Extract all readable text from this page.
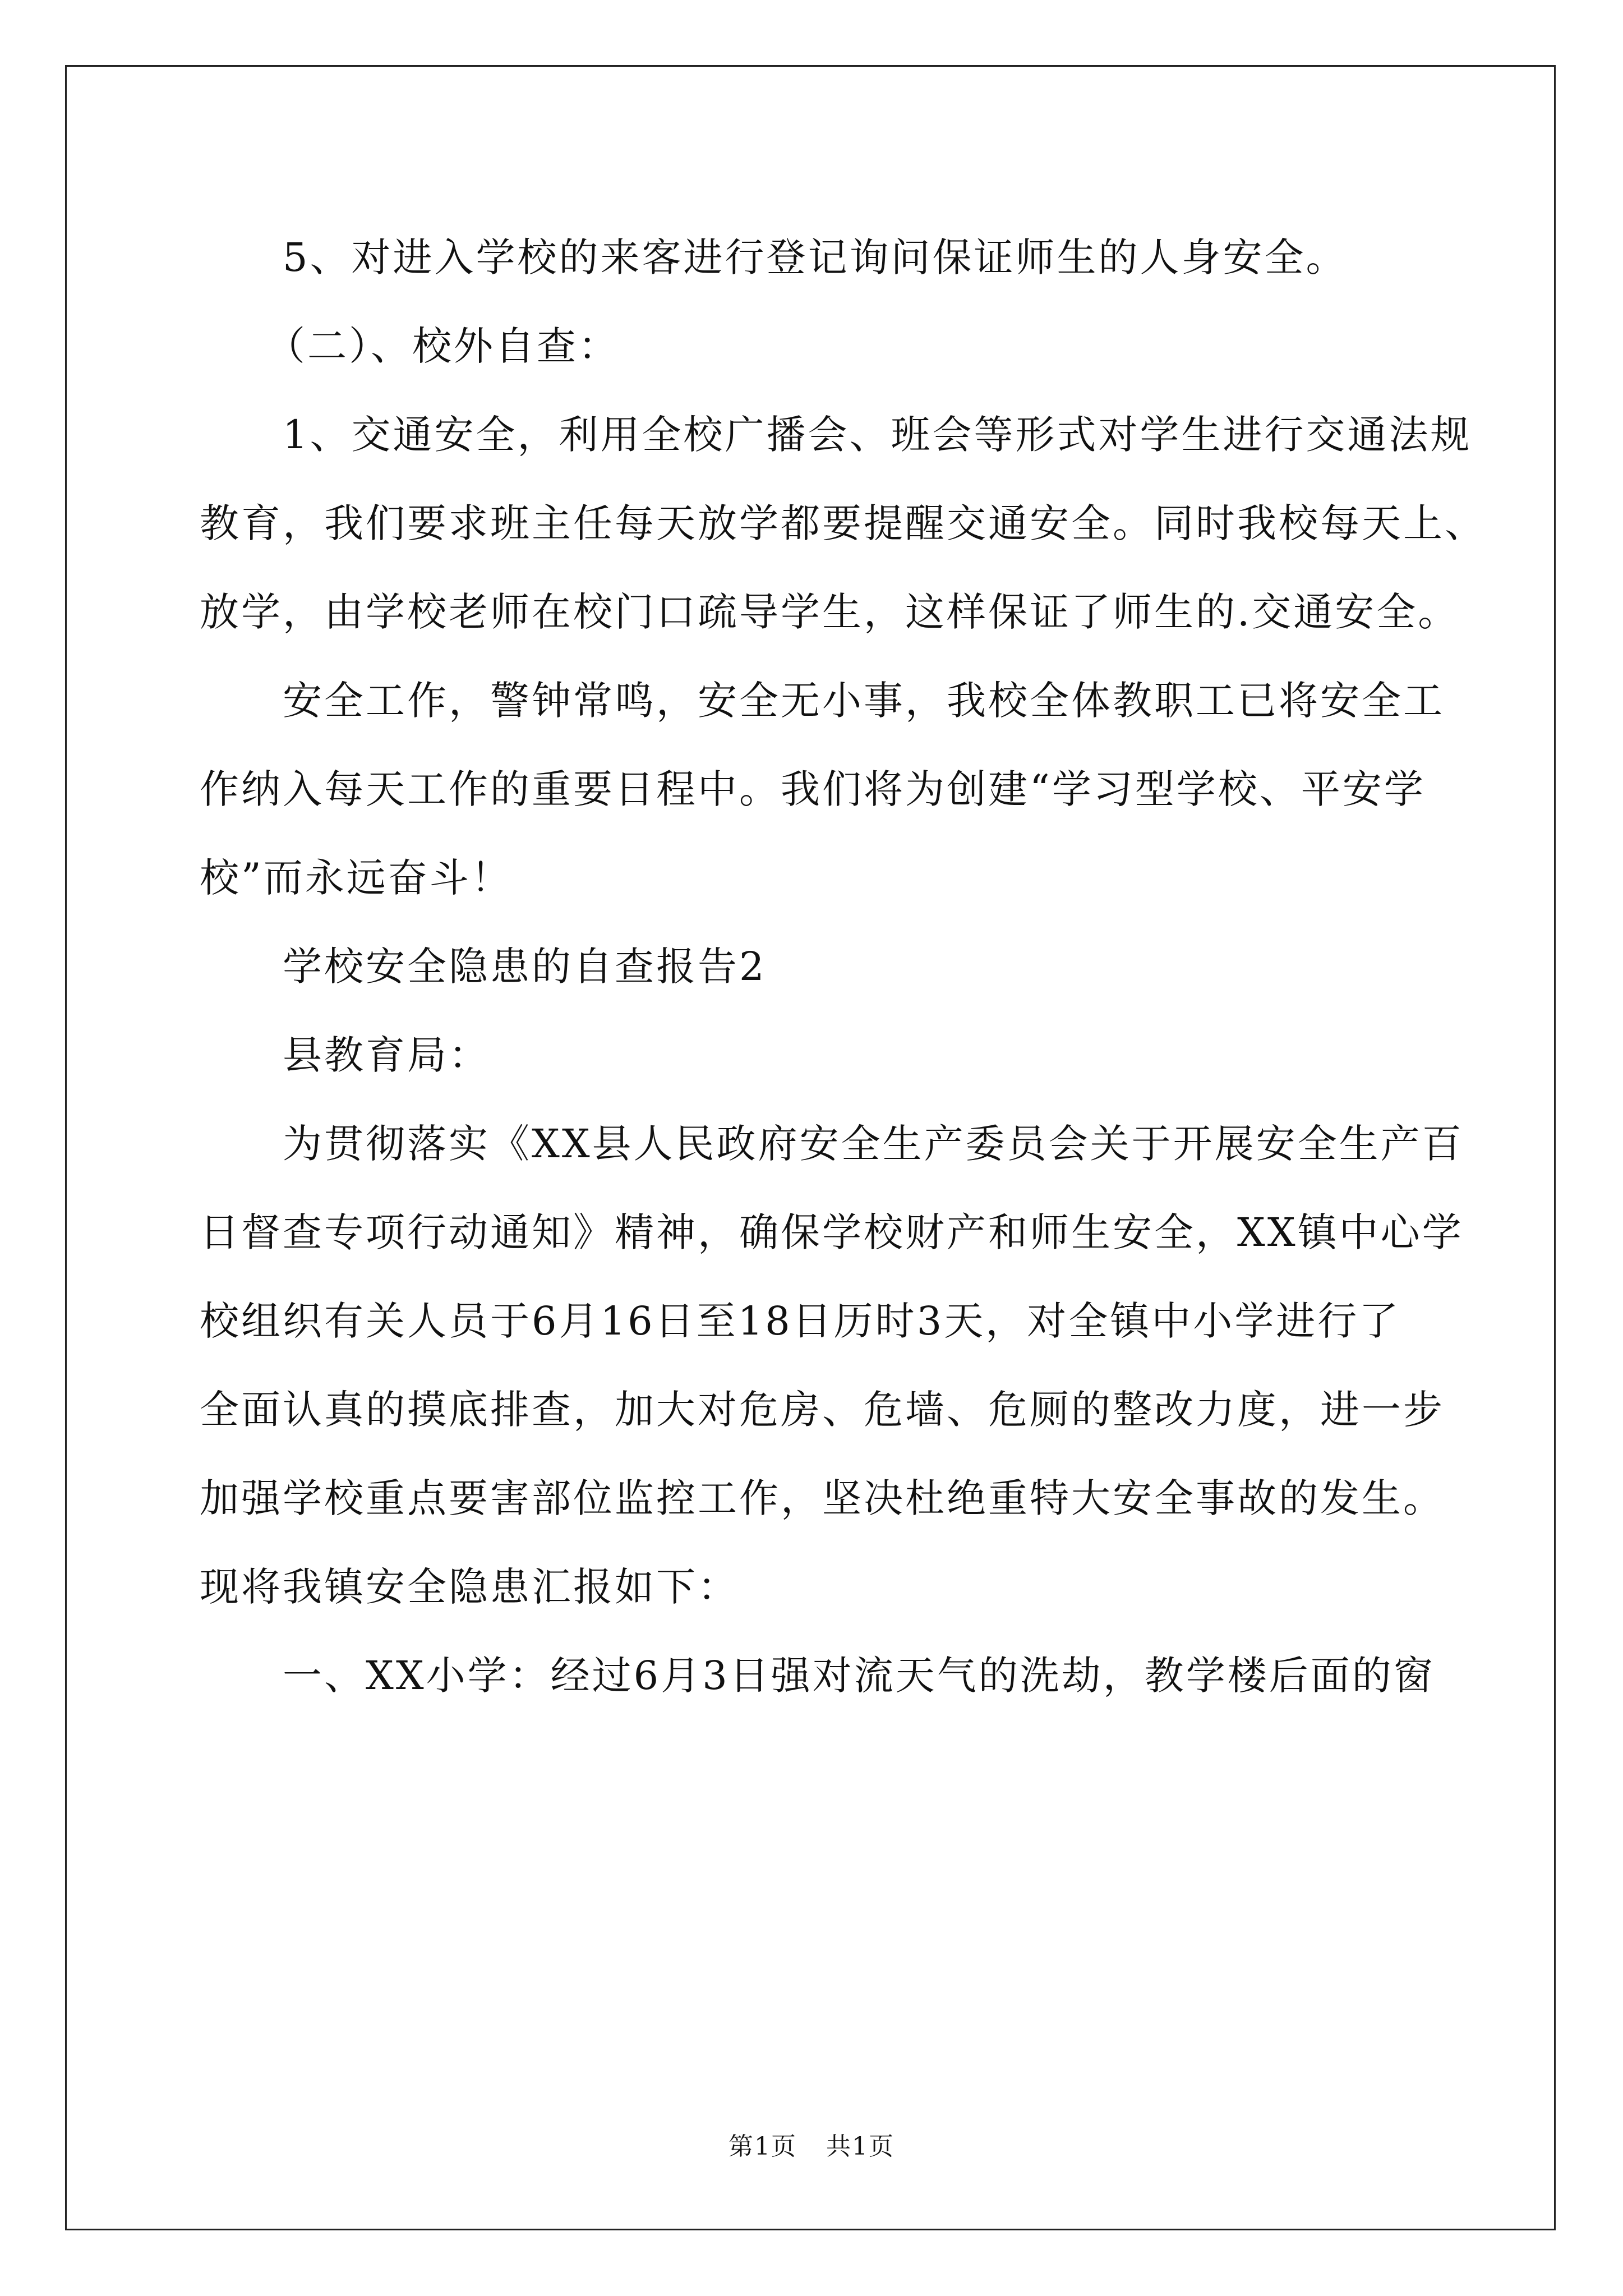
5、对进入学校的来客进行登记询问保证师生的人身安全。

（二）、校外自查：

1、交通安全，利用全校广播会、班会等形式对学生进行交通法规

教育，我们要求班主任每天放学都要提醒交通安全。同时我校每天上、

放学，由学校老师在校门口疏导学生，这样保证了师生的.交通安全。

安全工作，警钟常鸣，安全无小事，我校全体教职工已将安全工

作纳入每天工作的重要日程中。我们将为创建“学习型学校、平安学

校”而永远奋斗！

学校安全隐患的自查报告2

县教育局：

为贯彻落实《XX县人民政府安全生产委员会关于开展安全生产百

日督查专项行动通知》精神，确保学校财产和师生安全，XX镇中心学

校组织有关人员于6月16日至18日历时3天，对全镇中小学进行了

全面认真的摸底排查，加大对危房、危墙、危厕的整改力度，进一步

加强学校重点要害部位监控工作，坚决杜绝重特大安全事故的发生。

现将我镇安全隐患汇报如下：

一、XX小学：经过6月3日强对流天气的洗劫，教学楼后面的窗

第1页 共1页
